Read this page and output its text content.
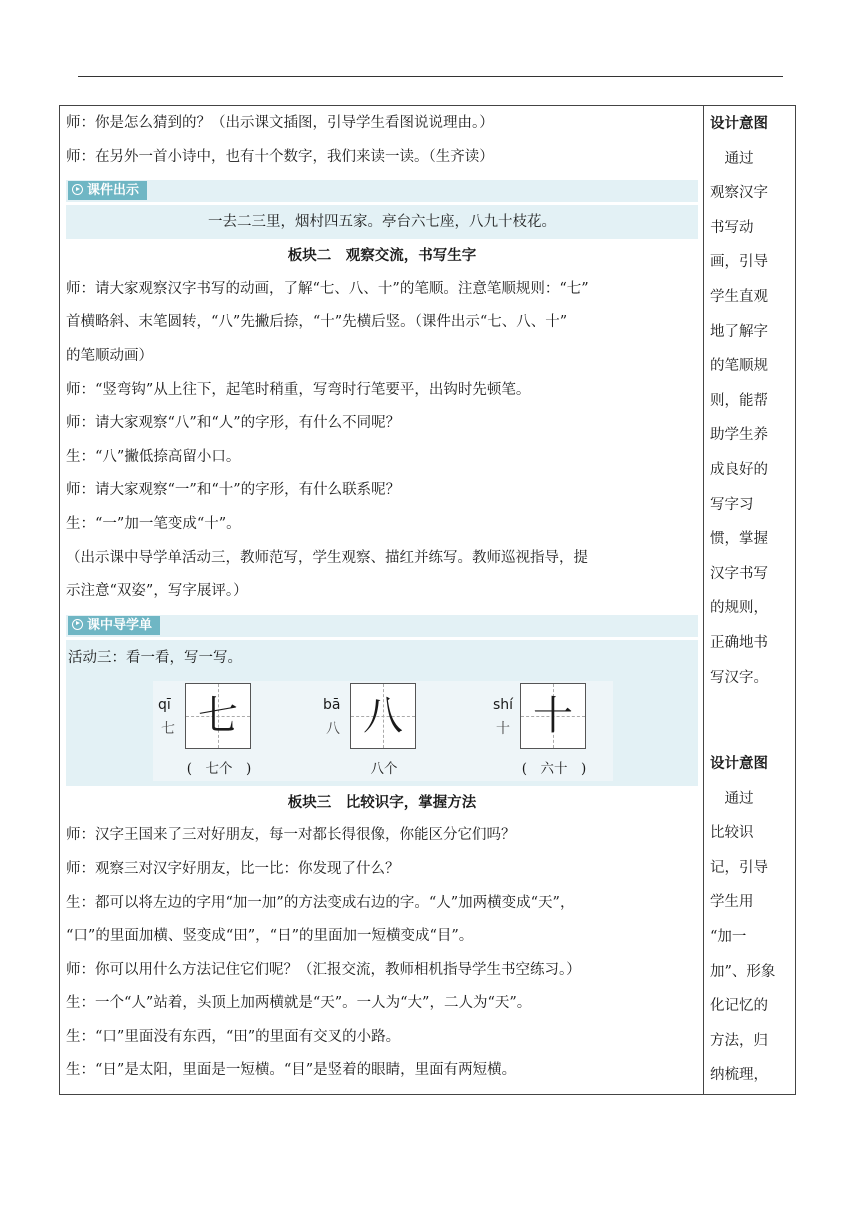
师：你是怎么猜到的？（出示课文插图，引导学生看图说说理由。）
师：在另外一首小诗中，也有十个数字，我们来读一读。（生齐读）
课件出示
一去二三里，烟村四五家。亭台六七座，八九十枝花。
板块二　观察交流，书写生字
师：请大家观察汉字书写的动画，了解“七、八、十”的笔顺。注意笔顺规则：“七”
首横略斜、末笔圆转，“八”先撇后捺，“十”先横后竖。（课件出示“七、八、十”
的笔顺动画）
师：“竖弯钩”从上往下，起笔时稍重，写弯时行笔要平，出钩时先顿笔。
师：请大家观察“八”和“人”的字形，有什么不同呢？
生：“八”撇低捺高留小口。
师：请大家观察“一”和“十”的字形，有什么联系呢？
生：“一”加一笔变成“十”。
（出示课中导学单活动三，教师范写，学生观察、描红并练写。教师巡视指导，提
示注意“双姿”，写字展评。）
课中导学单
活动三：看一看，写一写。
qī
七 七
(　七个　)
bā
八 八
八个
shí
十 十
(　六十　)
板块三　比较识字，掌握方法
师：汉字王国来了三对好朋友，每一对都长得很像，你能区分它们吗？
师：观察三对汉字好朋友，比一比：你发现了什么？
生：都可以将左边的字用“加一加”的方法变成右边的字。“人”加两横变成“天”，
“口”的里面加横、竖变成“田”，“日”的里面加一短横变成“目”。
师：你可以用什么方法记住它们呢？（汇报交流，教师相机指导学生书空练习。）
生：一个“人”站着，头顶上加两横就是“天”。一人为“大”，二人为“天”。
生：“口”里面没有东西，“田”的里面有交叉的小路。
生：“日”是太阳，里面是一短横。“目”是竖着的眼睛，里面有两短横。
设计意图
　通过
观察汉字
书写动
画，引导
学生直观
地了解字
的笔顺规
则，能帮
助学生养
成良好的
写字习
惯，掌握
汉字书写
的规则，
正确地书
写汉字。
设计意图
　通过
比较识
记，引导
学生用
“加一
加”、形象
化记忆的
方法，归
纳梳理，
